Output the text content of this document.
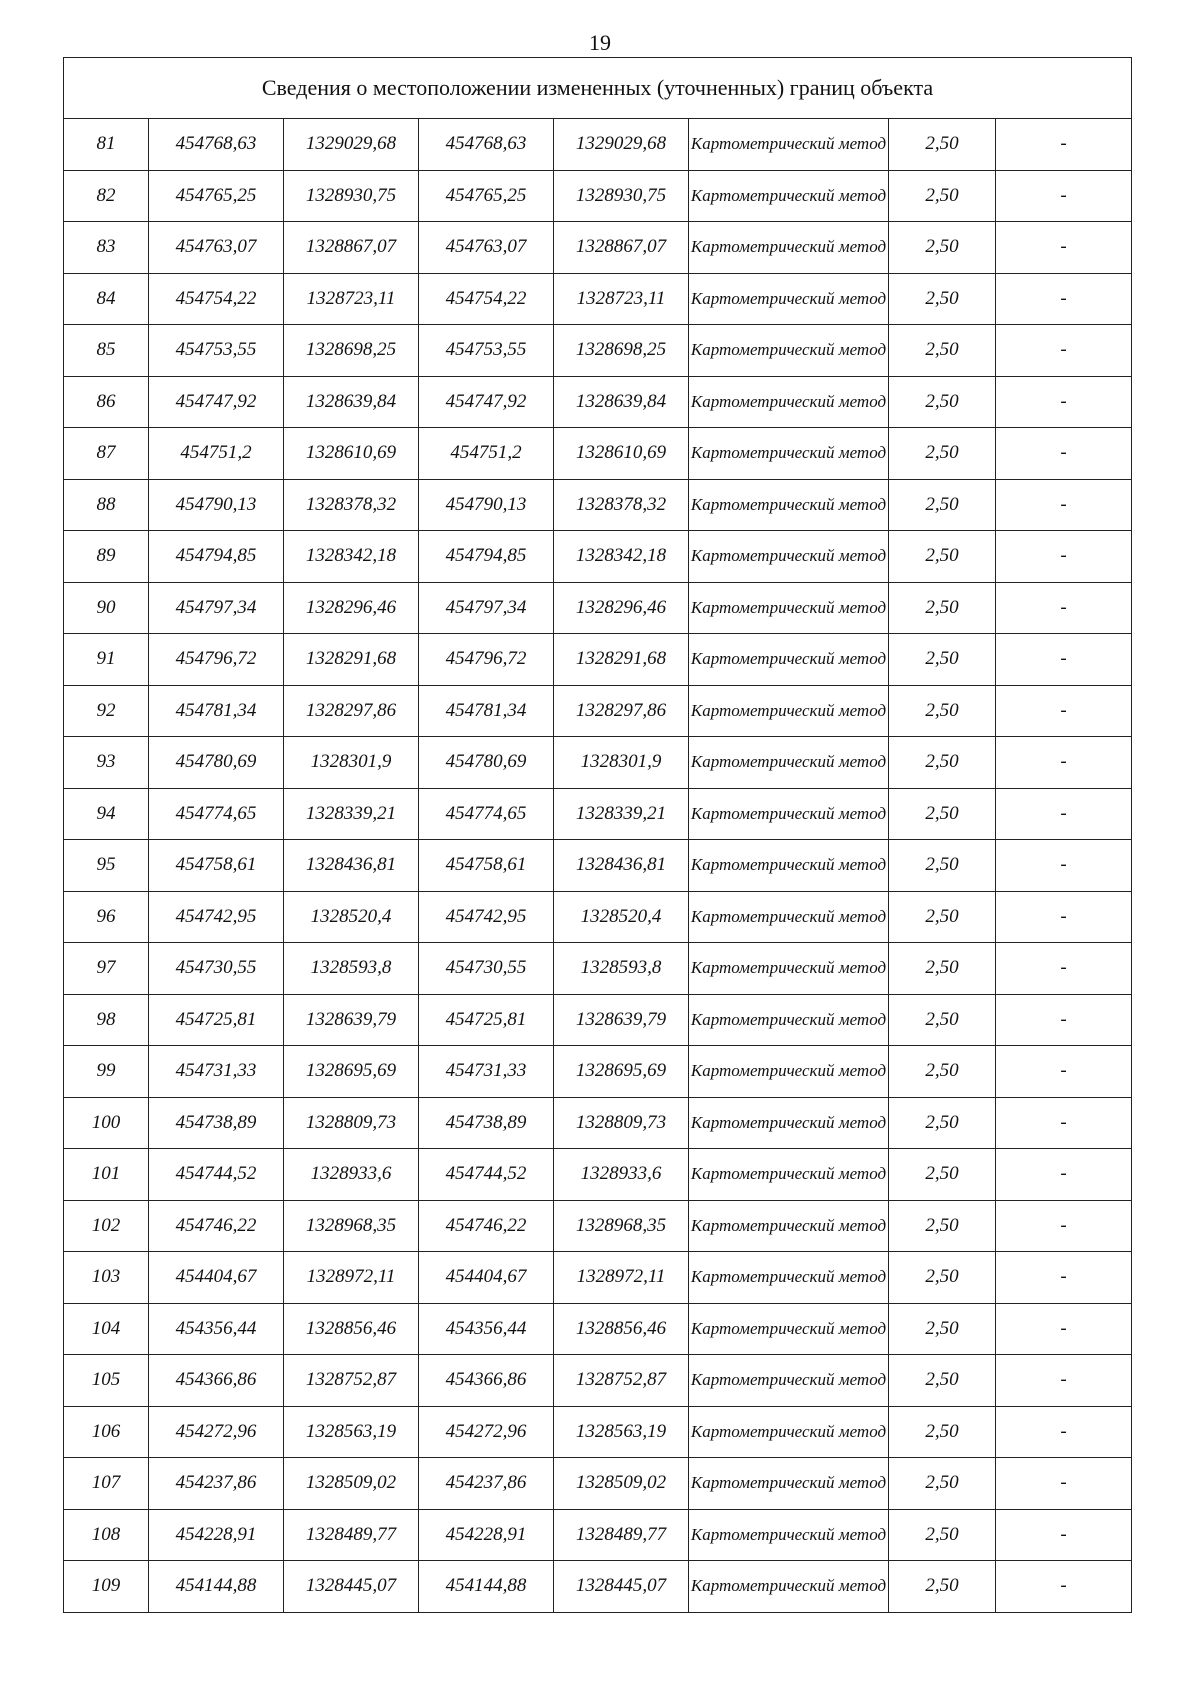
19
Сведения о местоположении измененных (уточненных) границ объекта							
81	454768,63	1329029,68	454768,63	1329029,68	Картометрический метод	2,50	-
82	454765,25	1328930,75	454765,25	1328930,75	Картометрический метод	2,50	-
83	454763,07	1328867,07	454763,07	1328867,07	Картометрический метод	2,50	-
84	454754,22	1328723,11	454754,22	1328723,11	Картометрический метод	2,50	-
85	454753,55	1328698,25	454753,55	1328698,25	Картометрический метод	2,50	-
86	454747,92	1328639,84	454747,92	1328639,84	Картометрический метод	2,50	-
87	454751,2	1328610,69	454751,2	1328610,69	Картометрический метод	2,50	-
88	454790,13	1328378,32	454790,13	1328378,32	Картометрический метод	2,50	-
89	454794,85	1328342,18	454794,85	1328342,18	Картометрический метод	2,50	-
90	454797,34	1328296,46	454797,34	1328296,46	Картометрический метод	2,50	-
91	454796,72	1328291,68	454796,72	1328291,68	Картометрический метод	2,50	-
92	454781,34	1328297,86	454781,34	1328297,86	Картометрический метод	2,50	-
93	454780,69	1328301,9	454780,69	1328301,9	Картометрический метод	2,50	-
94	454774,65	1328339,21	454774,65	1328339,21	Картометрический метод	2,50	-
95	454758,61	1328436,81	454758,61	1328436,81	Картометрический метод	2,50	-
96	454742,95	1328520,4	454742,95	1328520,4	Картометрический метод	2,50	-
97	454730,55	1328593,8	454730,55	1328593,8	Картометрический метод	2,50	-
98	454725,81	1328639,79	454725,81	1328639,79	Картометрический метод	2,50	-
99	454731,33	1328695,69	454731,33	1328695,69	Картометрический метод	2,50	-
100	454738,89	1328809,73	454738,89	1328809,73	Картометрический метод	2,50	-
101	454744,52	1328933,6	454744,52	1328933,6	Картометрический метод	2,50	-
102	454746,22	1328968,35	454746,22	1328968,35	Картометрический метод	2,50	-
103	454404,67	1328972,11	454404,67	1328972,11	Картометрический метод	2,50	-
104	454356,44	1328856,46	454356,44	1328856,46	Картометрический метод	2,50	-
105	454366,86	1328752,87	454366,86	1328752,87	Картометрический метод	2,50	-
106	454272,96	1328563,19	454272,96	1328563,19	Картометрический метод	2,50	-
107	454237,86	1328509,02	454237,86	1328509,02	Картометрический метод	2,50	-
108	454228,91	1328489,77	454228,91	1328489,77	Картометрический метод	2,50	-
109	454144,88	1328445,07	454144,88	1328445,07	Картометрический метод	2,50	-
